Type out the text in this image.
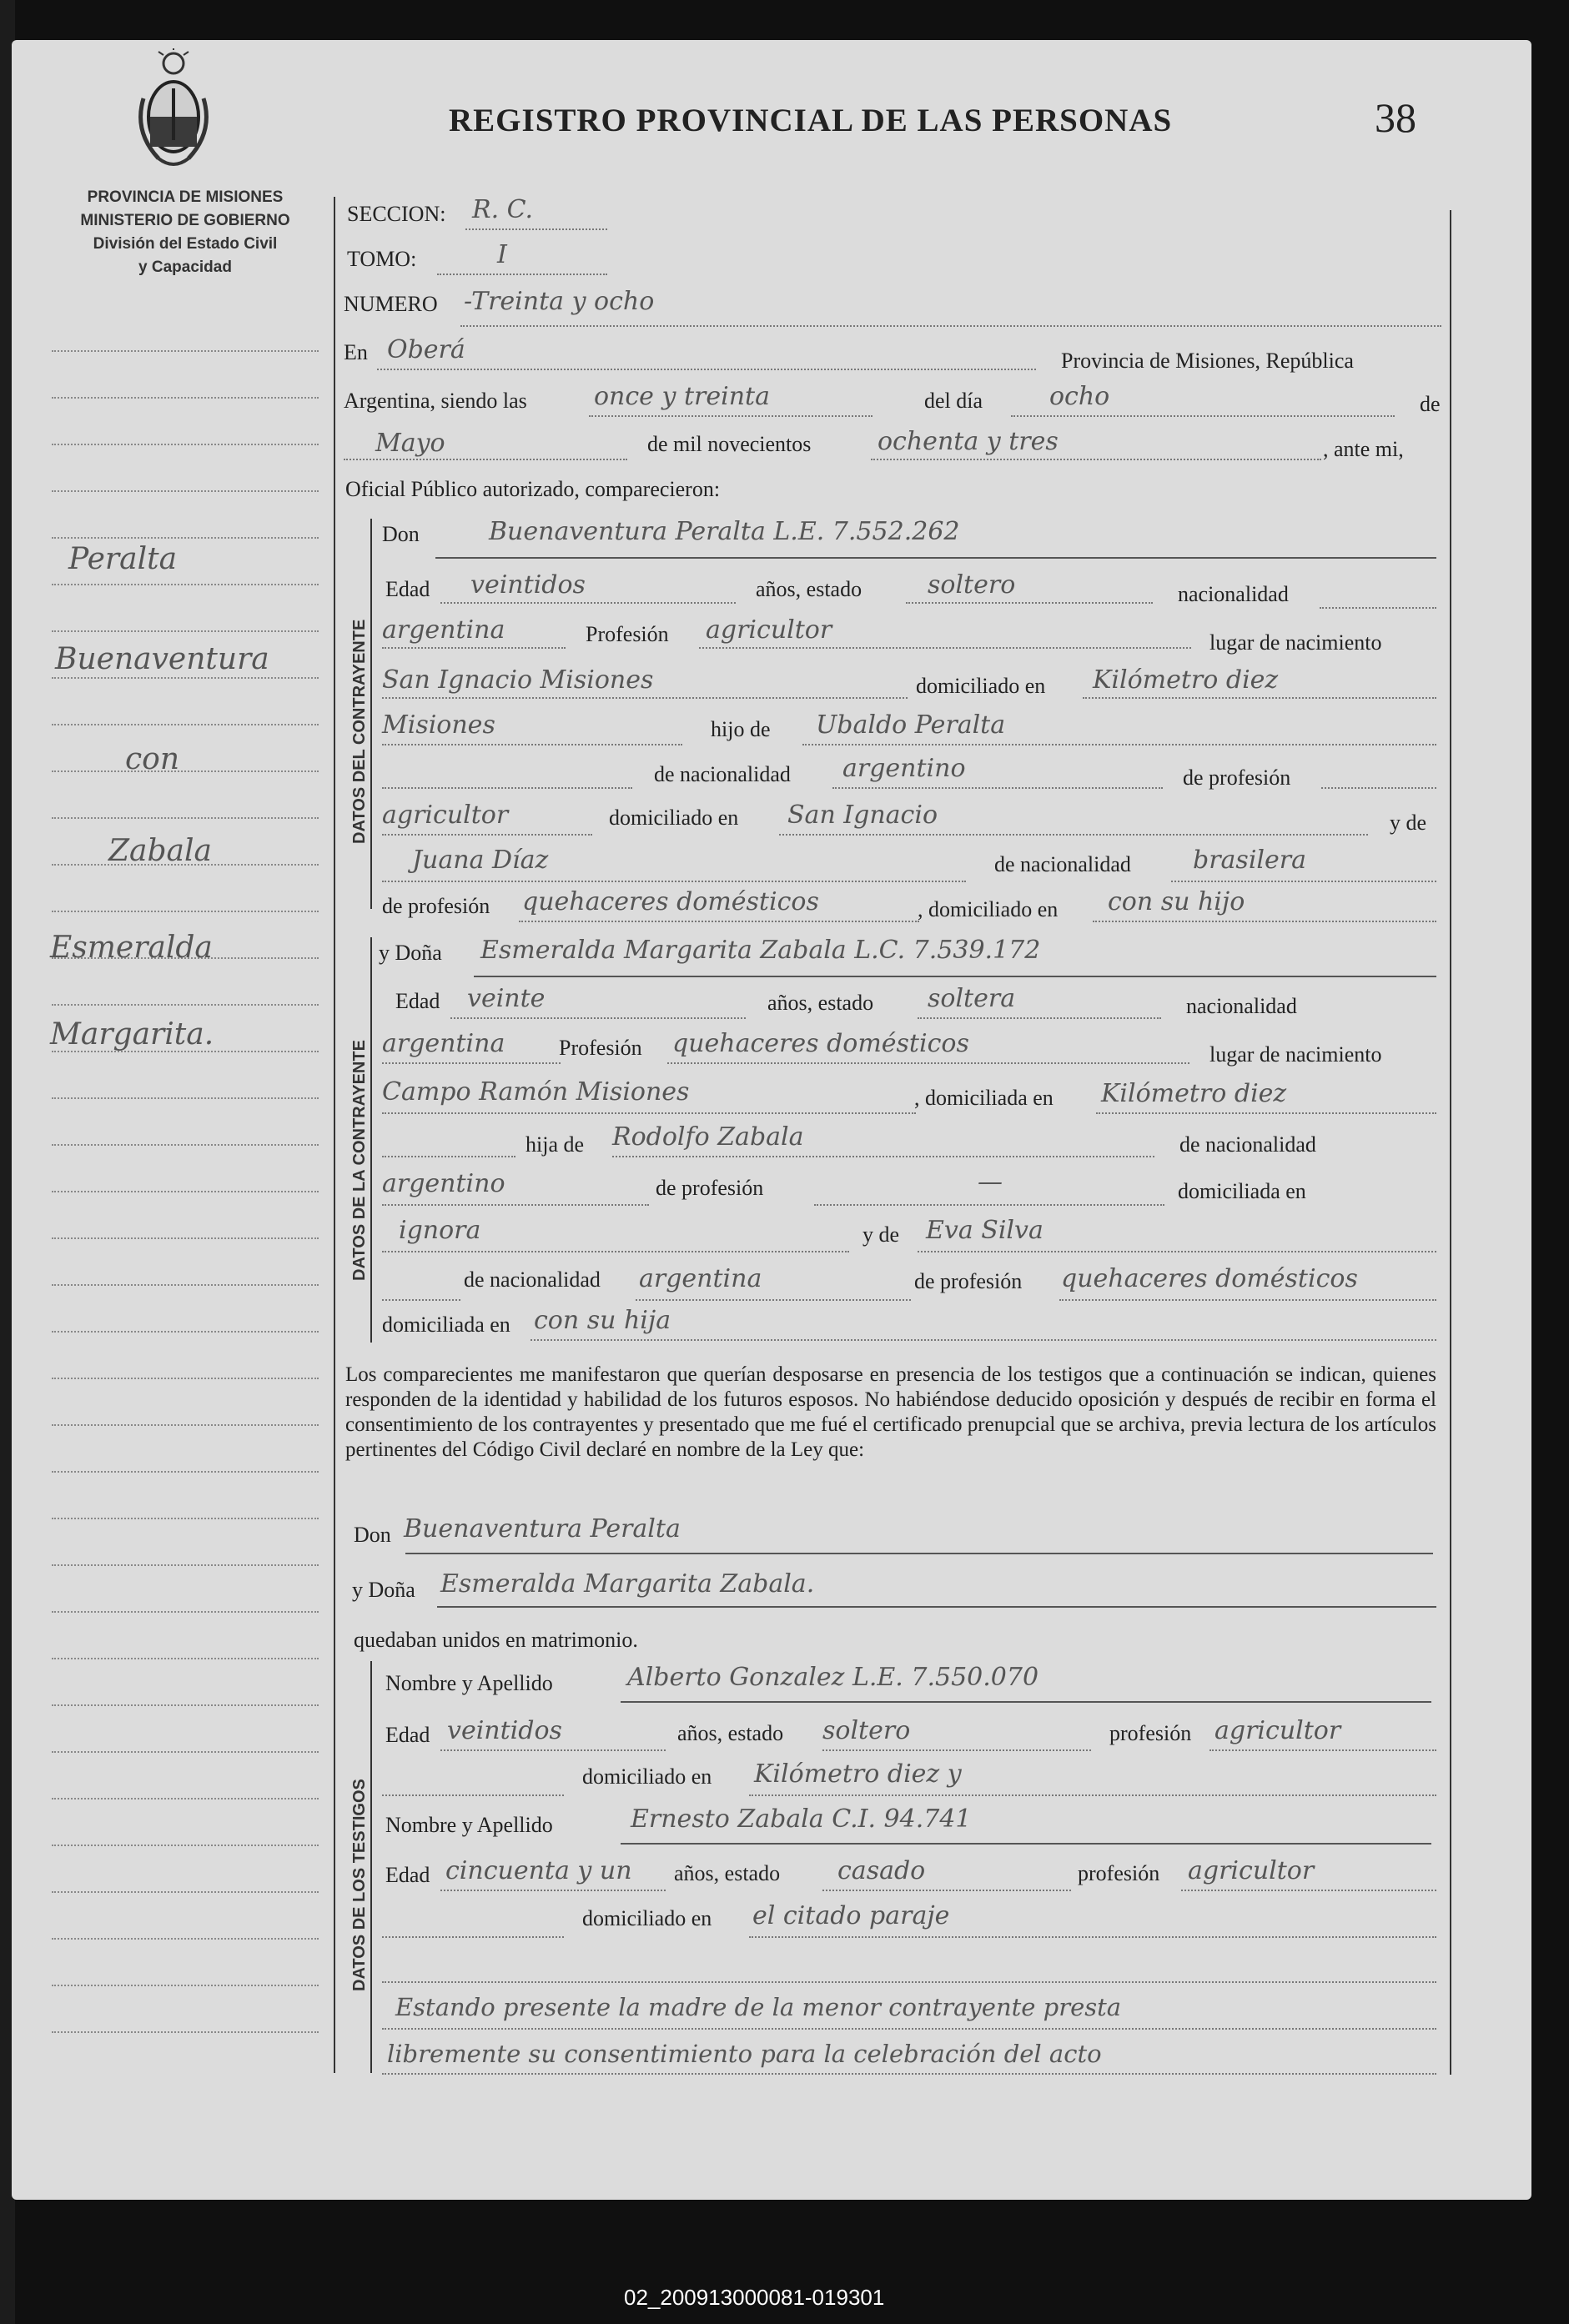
REGISTRO PROVINCIAL DE LAS PERSONAS	38
PROVINCIA DE MISIONES
MINISTERIO DE GOBIERNO
División del Estado Civil
y Capacidad
Peralta
Buenaventura
con
Zabala
Esmeralda
Margarita.
SECCION: R. C.
TOMO:	I
NUMERO -Treinta y ocho
En Oberá	Provincia de Misiones, República
Argentina, siendo las	once y treinta	del día	ocho	de
Mayo	de mil novecientos	ochenta y tres	, ante mi,
Oficial Público autorizado, comparecieron:
DATOS DEL CONTRAYENTE
Don	Buenaventura Peralta L.E. 7.552.262
Edad veintidos	años, estado	soltero	nacionalidad
argentina	Profesión agricultor	lugar de nacimiento
San Ignacio Misiones	domiciliado en Kilómetro diez
Misiones	hijo de Ubaldo Peralta
de nacionalidad argentino	de profesión
agricultor	domiciliado en San Ignacio	y de
Juana Díaz	de nacionalidad brasilera
de profesión quehaceres domésticos	, domiciliado en con su hijo
DATOS DE LA CONTRAYENTE
y Doña Esmeralda Margarita Zabala L.C. 7.539.172
Edad veinte	años, estado soltera	nacionalidad
argentina Profesión quehaceres domésticos	lugar de nacimiento
Campo Ramón Misiones	, domiciliada en Kilómetro diez
hija de Rodolfo Zabala	de nacionalidad
argentino	de profesión	—	domiciliada en
ignora	y de Eva Silva
de nacionalidad argentina	de profesión quehaceres domésticos
domiciliada en con su hija
Los comparecientes me manifestaron que querían desposarse en presencia de los testigos que a continuación se indican, quienes responden de la identidad y habilidad de los futuros esposos. No habiéndose deducido oposición y después de recibir en forma el consentimiento de los contrayentes y presentado que me fué el certificado prenupcial que se archiva, previa lectura de los artículos pertinentes del Código Civil declaré en nombre de la Ley que:
Don Buenaventura Peralta
y Doña Esmeralda Margarita Zabala.
quedaban unidos en matrimonio.
DATOS DE LOS TESTIGOS
Nombre y Apellido	Alberto Gonzalez L.E. 7.550.070
Edad veintidos	años, estado soltero	profesión agricultor
domiciliado en Kilómetro diez y
Nombre y Apellido	Ernesto Zabala C.I. 94.741
Edad cincuenta y un años, estado casado	profesión agricultor
domiciliado en el citado paraje
Estando presente la madre de la menor contrayente presta
libremente su consentimiento para la celebración del acto
02_200913000081-019301
